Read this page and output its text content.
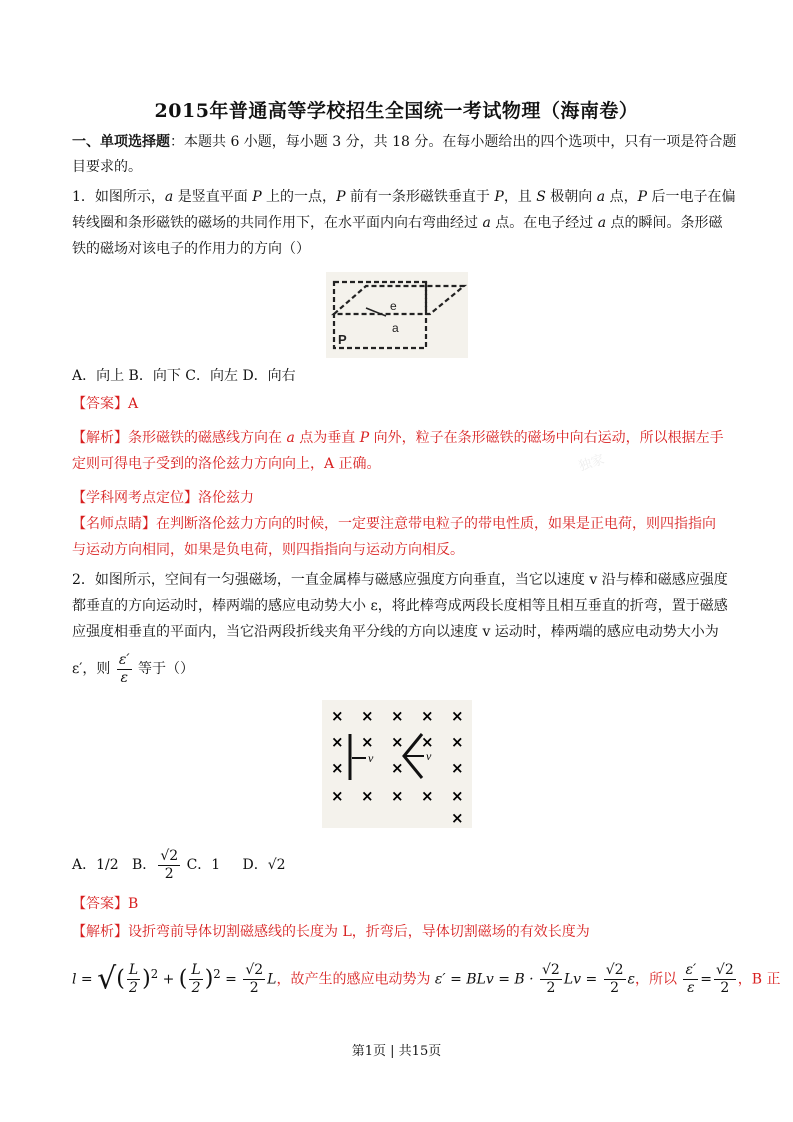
2015年普通高等学校招生全国统一考试物理（海南卷）
一、单项选择题：本题共 6 小题，每小题 3 分，共 18 分。在每小题给出的四个选项中，只有一项是符合题
目要求的。
1．如图所示，a 是竖直平面 P 上的一点，P 前有一条形磁铁垂直于 P，且 S 极朝向 a 点，P 后一电子在偏
转线圈和条形磁铁的磁场的共同作用下，在水平面内向右弯曲经过 a 点。在电子经过 a 点的瞬间。条形磁
铁的磁场对该电子的作用力的方向（）
e
a
P
A．向上 B．向下 C．向左 D．向右
【答案】A
【解析】条形磁铁的磁感线方向在 a 点为垂直 P 向外，粒子在条形磁铁的磁场中向右运动，所以根据左手
定则可得电子受到的洛伦兹力方向向上，A 正确。
【学科网考点定位】洛伦兹力
【名师点睛】在判断洛伦兹力方向的时候，一定要注意带电粒子的带电性质，如果是正电荷，则四指指向
与运动方向相同，如果是负电荷，则四指指向与运动方向相反。
2．如图所示，空间有一匀强磁场，一直金属棒与磁感应强度方向垂直，当它以速度 v 沿与棒和磁感应强度
都垂直的方向运动时，棒两端的感应电动势大小 ε，将此棒弯成两段长度相等且相互垂直的折弯，置于磁感
应强度相垂直的平面内，当它沿两段折线夹角平分线的方向以速度 v 运动时，棒两端的感应电动势大小为
ε′，则 $\frac{\varepsilon'}{\varepsilon}$ 等于（）
×
×
×
×
×
×
×
×
×
×
×
×
×
×
×
×
×
×
×
v	v
A．1/2 B． $\frac{√2}{2}$ C．1 D．√2
【答案】B
【解析】设折弯前导体切割磁感线的长度为 L，折弯后，导体切割磁场的有效长度为
l = √( $\frac{L}{2} )^2$ + ( $\frac{L}{2} )^2 = \frac{√2}{2}$ L，故产生的感应电动势为 ε′ = BLv = $B \cdot \frac{√2}{2}$ $Lv = \frac{√2}{2}$ ε，所以 $\frac{\varepsilon'}{\varepsilon} = \frac{√2}{2}$ ，B 正
独家
第1页 | 共15页
